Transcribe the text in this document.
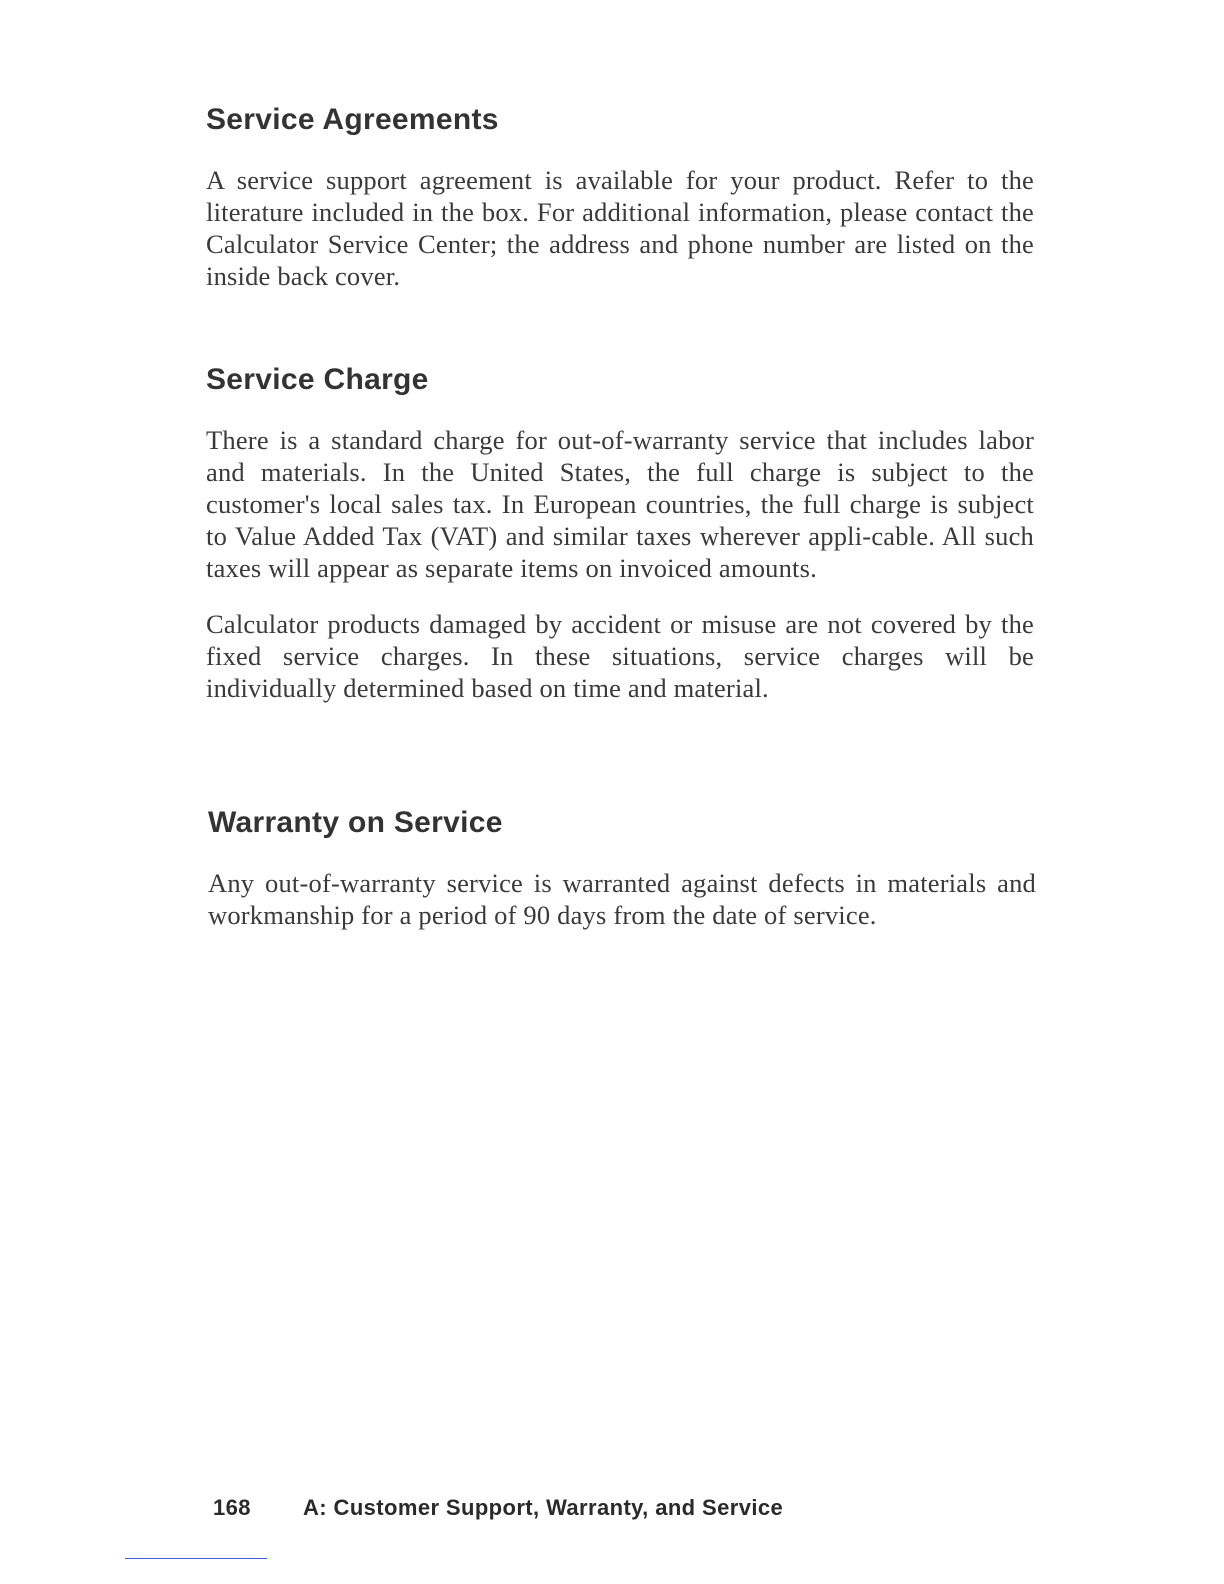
Service Agreements

A service support agreement is available for your product. Refer to the literature included in the box. For additional information, please contact the Calculator Service Center; the address and phone number are listed on the inside back cover.

Service Charge

There is a standard charge for out-of-warranty service that includes labor and materials. In the United States, the full charge is subject to the customer's local sales tax. In European countries, the full charge is subject to Value Added Tax (VAT) and similar taxes wherever appli-cable. All such taxes will appear as separate items on invoiced amounts.

Calculator products damaged by accident or misuse are not covered by the fixed service charges. In these situations, service charges will be individually determined based on time and material.

Warranty on Service

Any out-of-warranty service is warranted against defects in materials and workmanship for a period of 90 days from the date of service.

168 A: Customer Support, Warranty, and Service
